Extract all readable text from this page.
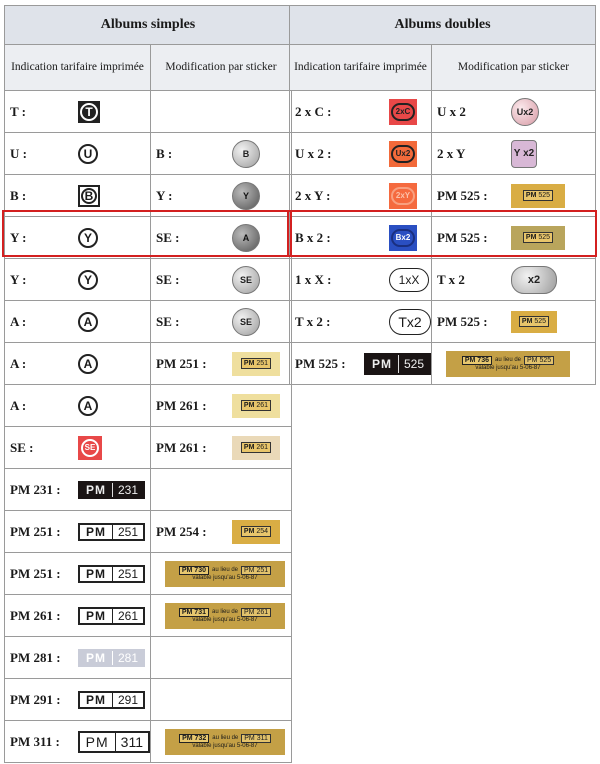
Albums simples	
Indication tarifaire imprimée	Modification par sticker

T : T	

U : U	B : B

B : B	Y : Y

Y : Y	SE : A

Y : Y	SE : SE

A : A	SE : SE

A : A	PM 251 : PM 251

A : A	PM 261 : PM 261

SE : SE	PM 261 : PM 261

PM 231 : PM 231	

PM 251 : PM 251	PM 254 : PM 254

PM 251 : PM 251	PM 730 au lieu de PM 251
valable jusqu'au 5-06-87

PM 261 : PM 261	PM 731 au lieu de PM 261
valable jusqu'au 5-06-87

PM 281 : PM 281	

PM 291 : PM 291	

PM 311 : PM 311	PM 732 au lieu de PM 311
valable jusqu'au 5-06-87
Albums doubles	
Indication tarifaire imprimée	Modification par sticker

2 x C : 2xC	U x 2 Ux2

U x 2 : Ux2	2 x Y Y x2

2 x Y : 2xY	PM 525 : PM 525

B x 2 : Bx2	PM 525 : PM 525

1 x X : 1xX	T x 2 x2

T x 2 : Tx2	PM 525 : PM 525

PM 525 : PM 525	PM 736 au lieu de PM 525
valable jusqu'au 5-06-87
